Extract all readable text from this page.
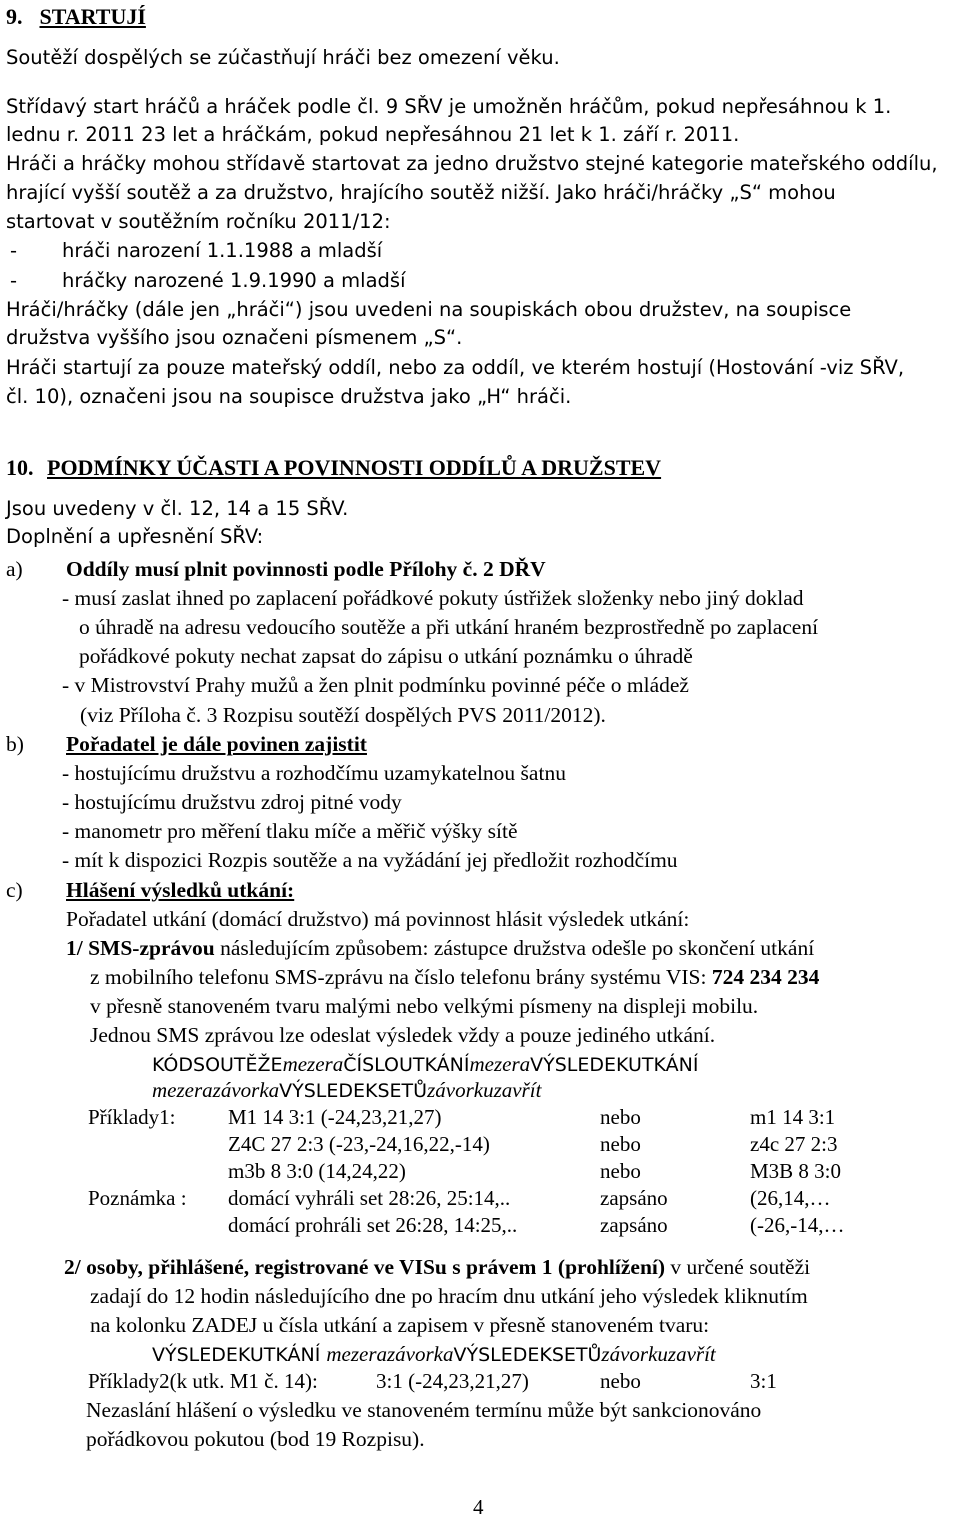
9. STARTUJÍ
Soutěží dospělých se zúčastňují hráči bez omezení věku.
Střídavý start hráčů a hráček podle čl. 9 SŘV je umožněn hráčům, pokud nepřesáhnou k 1.
lednu r. 2011 23 let a hráčkám, pokud nepřesáhnou 21 let k 1. září r. 2011.
Hráči a hráčky mohou střídavě startovat za jedno družstvo stejné kategorie mateřského oddílu,
hrající vyšší soutěž a za družstvo, hrajícího soutěž nižší. Jako hráči/hráčky „S“ mohou
startovat v soutěžním ročníku 2011/12:
- hráči narození 1.1.1988 a mladší
- hráčky narozené 1.9.1990 a mladší
Hráči/hráčky (dále jen „hráči“) jsou uvedeni na soupiskách obou družstev, na soupisce
družstva vyššího jsou označeni písmenem „S“.
Hráči startují za pouze mateřský oddíl, nebo za oddíl, ve kterém hostují (Hostování -viz SŘV,
čl. 10), označeni jsou na soupisce družstva jako „H“ hráči.
10. PODMÍNKY ÚČASTI A POVINNOSTI ODDÍLŮ A DRUŽSTEV
Jsou uvedeny v čl. 12, 14 a 15 SŘV.
Doplnění a upřesnění SŘV:
a) Oddíly musí plnit povinnosti podle Přílohy č. 2 DŘV
- musí zaslat ihned po zaplacení pořádkové pokuty ústřižek složenky nebo jiný doklad
o úhradě na adresu vedoucího soutěže a při utkání hraném bezprostředně po zaplacení
pořádkové pokuty nechat zapsat do zápisu o utkání poznámku o úhradě
- v Mistrovství Prahy mužů a žen plnit podmínku povinné péče o mládež
(viz Příloha č. 3 Rozpisu soutěží dospělých PVS 2011/2012).
b) Pořadatel je dále povinen zajistit
- hostujícímu družstvu a rozhodčímu uzamykatelnou šatnu
- hostujícímu družstvu zdroj pitné vody
- manometr pro měření tlaku míče a měřič výšky sítě
- mít k dispozici Rozpis soutěže a na vyžádání jej předložit rozhodčímu
c) Hlášení výsledků utkání:
Pořadatel utkání (domácí družstvo) má povinnost hlásit výsledek utkání:
1/ SMS-zprávou následujícím způsobem: zástupce družstva odešle po skončení utkání
z mobilního telefonu SMS-zprávu na číslo telefonu brány systému VIS: 724 234 234
v přesně stanoveném tvaru malými nebo velkými písmeny na displeji mobilu.
Jednou SMS zprávou lze odeslat výsledek vždy a pouze jediného utkání.
KÓDSOUTĚŽEmezeraČÍSLOUTKÁNÍmezeraVÝSLEDEKUTKÁNÍ
mezerazávorkaVÝSLEDEKSETŮzávorkuzavřít
Příklady1:	M1 14 3:1 (-24,23,21,27)	nebo	m1 14 3:1
Z4C 27 2:3 (-23,-24,16,22,-14)	nebo	z4c 27 2:3
m3b 8 3:0 (14,24,22)	nebo	M3B 8 3:0
Poznámka : domácí vyhráli set 28:26, 25:14,..	zapsáno	(26,14,…
domácí prohráli set 26:28, 14:25,..	zapsáno	(-26,-14,…
2/ osoby, přihlášené, registrované ve VISu s právem 1 (prohlížení) v určené soutěži
zadají do 12 hodin následujícího dne po hracím dnu utkání jeho výsledek kliknutím
na kolonku ZADEJ u čísla utkání a zapisem v přesně stanoveném tvaru:
VÝSLEDEKUTKÁNÍ mezerazávorkaVÝSLEDEKSETŮzávorkuzavřít
Příklady2(k utk. M1 č. 14):	3:1 (-24,23,21,27)	nebo	3:1
Nezaslání hlášení o výsledku ve stanoveném termínu může být sankcionováno
pořádkovou pokutou (bod 19 Rozpisu).
4
